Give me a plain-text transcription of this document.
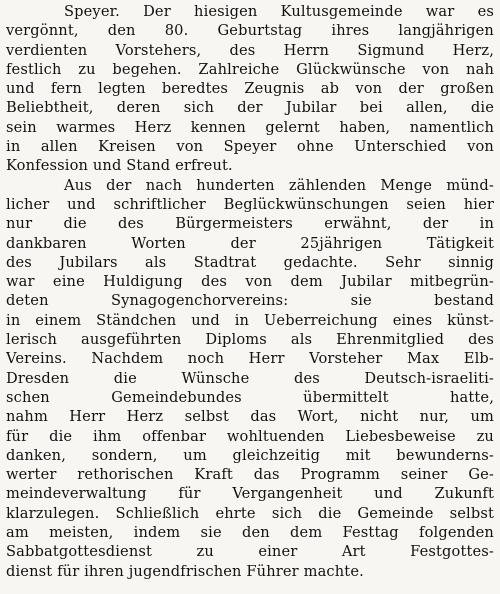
Speyer. Der hiesigen Kultusgemeinde war es
vergönnt, den 80. Geburtstag ihres langjährigen
verdienten Vorstehers, des Herrn Sigmund Herz,
festlich zu begehen. Zahlreiche Glückwünsche von nah
und fern legten beredtes Zeugnis ab von der großen
Beliebtheit, deren sich der Jubilar bei allen, die
sein warmes Herz kennen gelernt haben, namentlich
in allen Kreisen von Speyer ohne Unterschied von
Konfession und Stand erfreut.
Aus der nach hunderten zählenden Menge münd-
licher und schriftlicher Beglückwünschungen seien hier
nur die des Bürgermeisters erwähnt, der in
dankbaren Worten der 25jährigen Tätigkeit
des Jubilars als Stadtrat gedachte. Sehr sinnig
war eine Huldigung des von dem Jubilar mitbegrün-
deten Synagogenchorvereins: sie bestand
in einem Ständchen und in Ueberreichung eines künst-
lerisch ausgeführten Diploms als Ehrenmitglied des
Vereins. Nachdem noch Herr Vorsteher Max Elb-
Dresden die Wünsche des Deutsch-israeliti-
schen Gemeindebundes übermittelt hatte,
nahm Herr Herz selbst das Wort, nicht nur, um
für die ihm offenbar wohltuenden Liebesbeweise zu
danken, sondern, um gleichzeitig mit bewunderns-
werter rethorischen Kraft das Programm seiner Ge-
meindeverwaltung für Vergangenheit und Zukunft
klarzulegen. Schließlich ehrte sich die Gemeinde selbst
am meisten, indem sie den dem Festtag folgenden
Sabbatgottesdienst zu einer Art Festgottes-
dienst für ihren jugendfrischen Führer machte.
